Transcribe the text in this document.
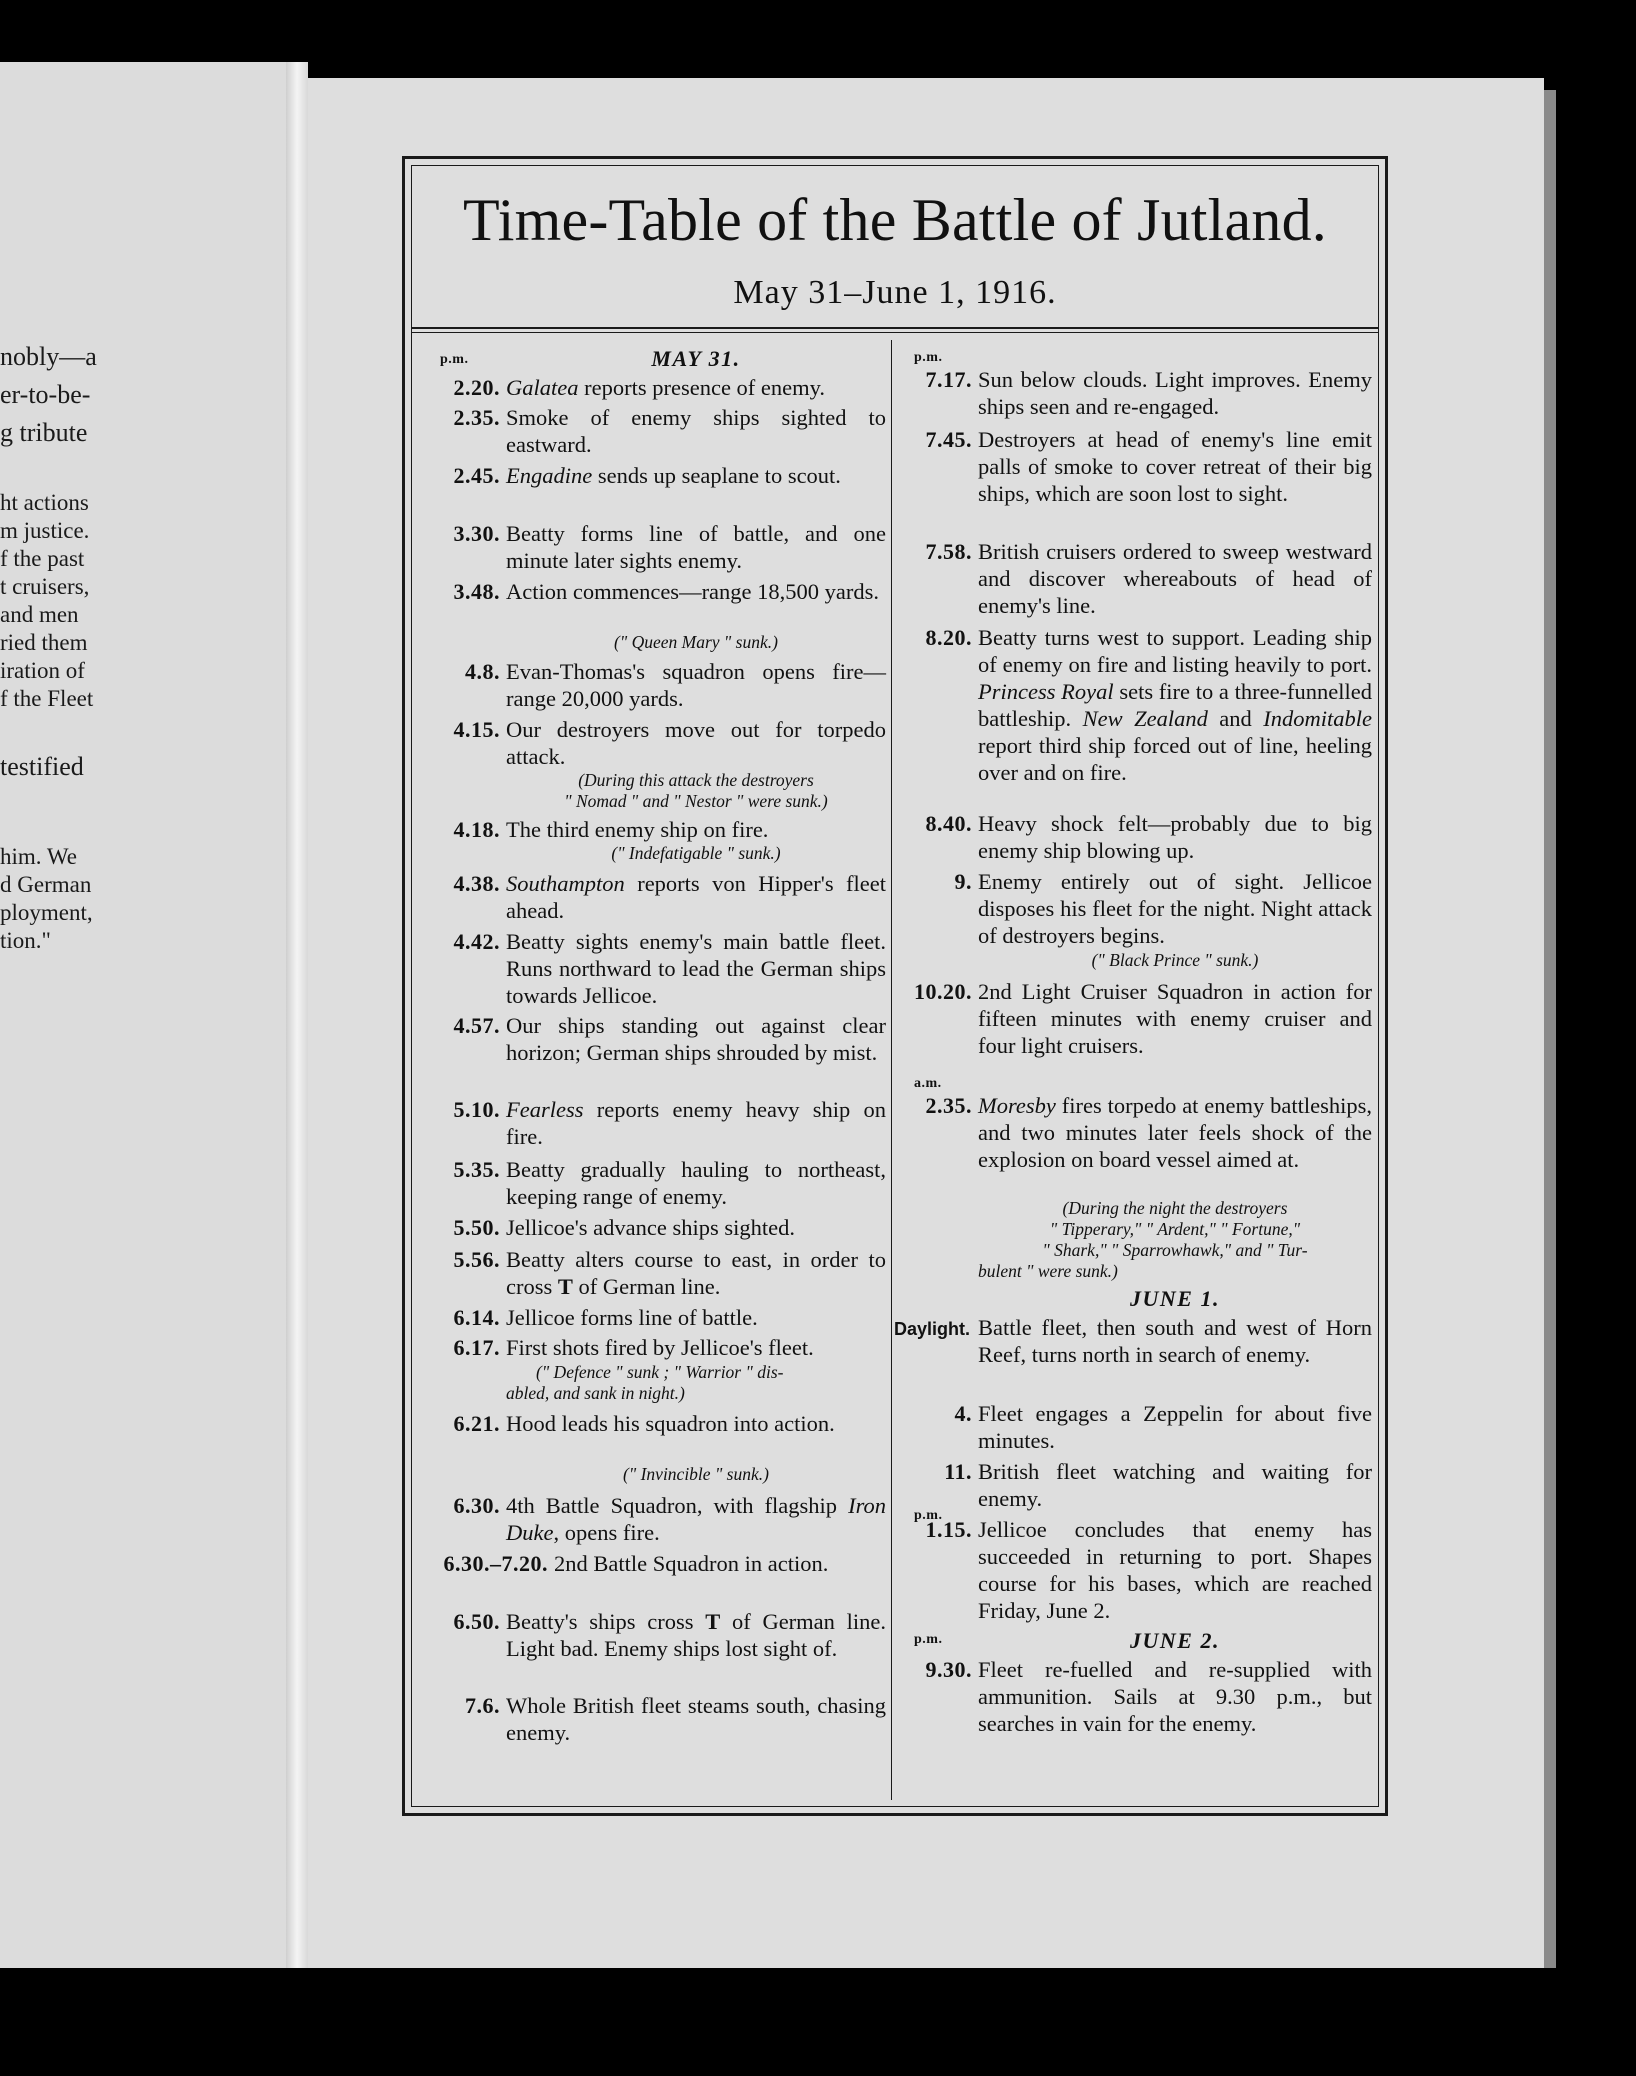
nobly—a
er-to-be-
g tribute
ht actions
m justice.
f the past
t cruisers,
and men
ried them
iration of
f the Fleet
testified
him. We
d German
ployment,
tion."
Time-Table of the Battle of Jutland.
May 31–June 1, 1916.
p.m.	MAY 31.
2.20. Galatea reports presence of enemy.
2.35. Smoke of enemy ships sighted to eastward.
2.45. Engadine sends up seaplane to scout.
3.30. Beatty forms line of battle, and one minute later sights enemy.
3.48. Action commences—range 18,500 yards.
(" Queen Mary " sunk.)
4.8. Evan-Thomas's squadron opens fire—range 20,000 yards.
4.15. Our destroyers move out for torpedo attack.
(During this attack the destroyers
" Nomad " and " Nestor " were sunk.)
4.18. The third enemy ship on fire.
(" Indefatigable " sunk.)
4.38. Southampton reports von Hipper's fleet ahead.
4.42. Beatty sights enemy's main battle fleet. Runs northward to lead the German ships towards Jellicoe.
4.57. Our ships standing out against clear horizon; German ships shrouded by mist.
5.10. Fearless reports enemy heavy ship on fire.
5.35. Beatty gradually hauling to northeast, keeping range of enemy.
5.50. Jellicoe's advance ships sighted.
5.56. Beatty alters course to east, in order to cross T of German line.
6.14. Jellicoe forms line of battle.
6.17. First shots fired by Jellicoe's fleet.
(" Defence " sunk ; " Warrior " dis-
abled, and sank in night.)
6.21. Hood leads his squadron into action.
(" Invincible " sunk.)
6.30. 4th Battle Squadron, with flagship Iron Duke, opens fire.
6.30.–7.20. 2nd Battle Squadron in action.
6.50. Beatty's ships cross T of German line. Light bad. Enemy ships lost sight of.
7.6. Whole British fleet steams south, chasing enemy.
p.m.
7.17. Sun below clouds. Light improves. Enemy ships seen and re-engaged.
7.45. Destroyers at head of enemy's line emit palls of smoke to cover retreat of their big ships, which are soon lost to sight.
7.58. British cruisers ordered to sweep westward and discover whereabouts of head of enemy's line.
8.20. Beatty turns west to support. Leading ship of enemy on fire and listing heavily to port. Princess Royal sets fire to a three-funnelled battleship. New Zealand and Indomitable report third ship forced out of line, heeling over and on fire.
8.40. Heavy shock felt—probably due to big enemy ship blowing up.
9. Enemy entirely out of sight. Jellicoe disposes his fleet for the night. Night attack of destroyers begins.
(" Black Prince " sunk.)
10.20. 2nd Light Cruiser Squadron in action for fifteen minutes with enemy cruiser and four light cruisers.
a.m.
2.35. Moresby fires torpedo at enemy battleships, and two minutes later feels shock of the explosion on board vessel aimed at.
(During the night the destroyers
" Tipperary," " Ardent," " Fortune,"
" Shark," " Sparrowhawk," and " Tur-
bulent " were sunk.)
JUNE 1.
Daylight. Battle fleet, then south and west of Horn Reef, turns north in search of enemy.
4. Fleet engages a Zeppelin for about five minutes.
11. British fleet watching and waiting for enemy.
p.m.
1.15. Jellicoe concludes that enemy has succeeded in returning to port. Shapes course for his bases, which are reached Friday, June 2.
p.m.	JUNE 2.
9.30. Fleet re-fuelled and re-supplied with ammunition. Sails at 9.30 p.m., but searches in vain for the enemy.
